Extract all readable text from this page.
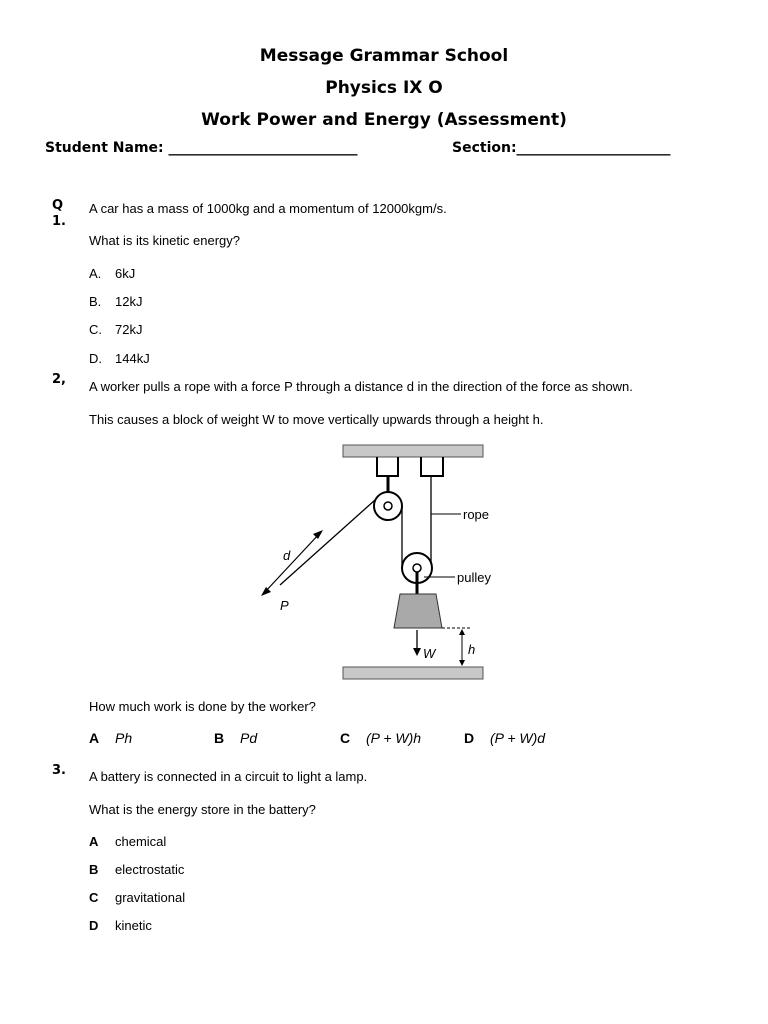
Message Grammar School
Physics IX O
Work Power and Energy (Assessment)
Student Name: ___________________________	Section:______________________
Q
1.
A car has a mass of 1000kg and a momentum of 12000kgm/s.
What is its kinetic energy?
A. 6kJ
B. 12kJ
C. 72kJ
D. 144kJ
2, A worker pulls a rope with a force P through a distance d in the direction of the force as shown.
This causes a block of weight W to move vertically upwards through a height h.
rope
pulley
d
P
W	h
How much work is done by the worker?
A Ph	B Pd	C (P + W)h	D (P + W)d
3. A battery is connected in a circuit to light a lamp.
What is the energy store in the battery?
A chemical
B electrostatic
C gravitational
D kinetic
